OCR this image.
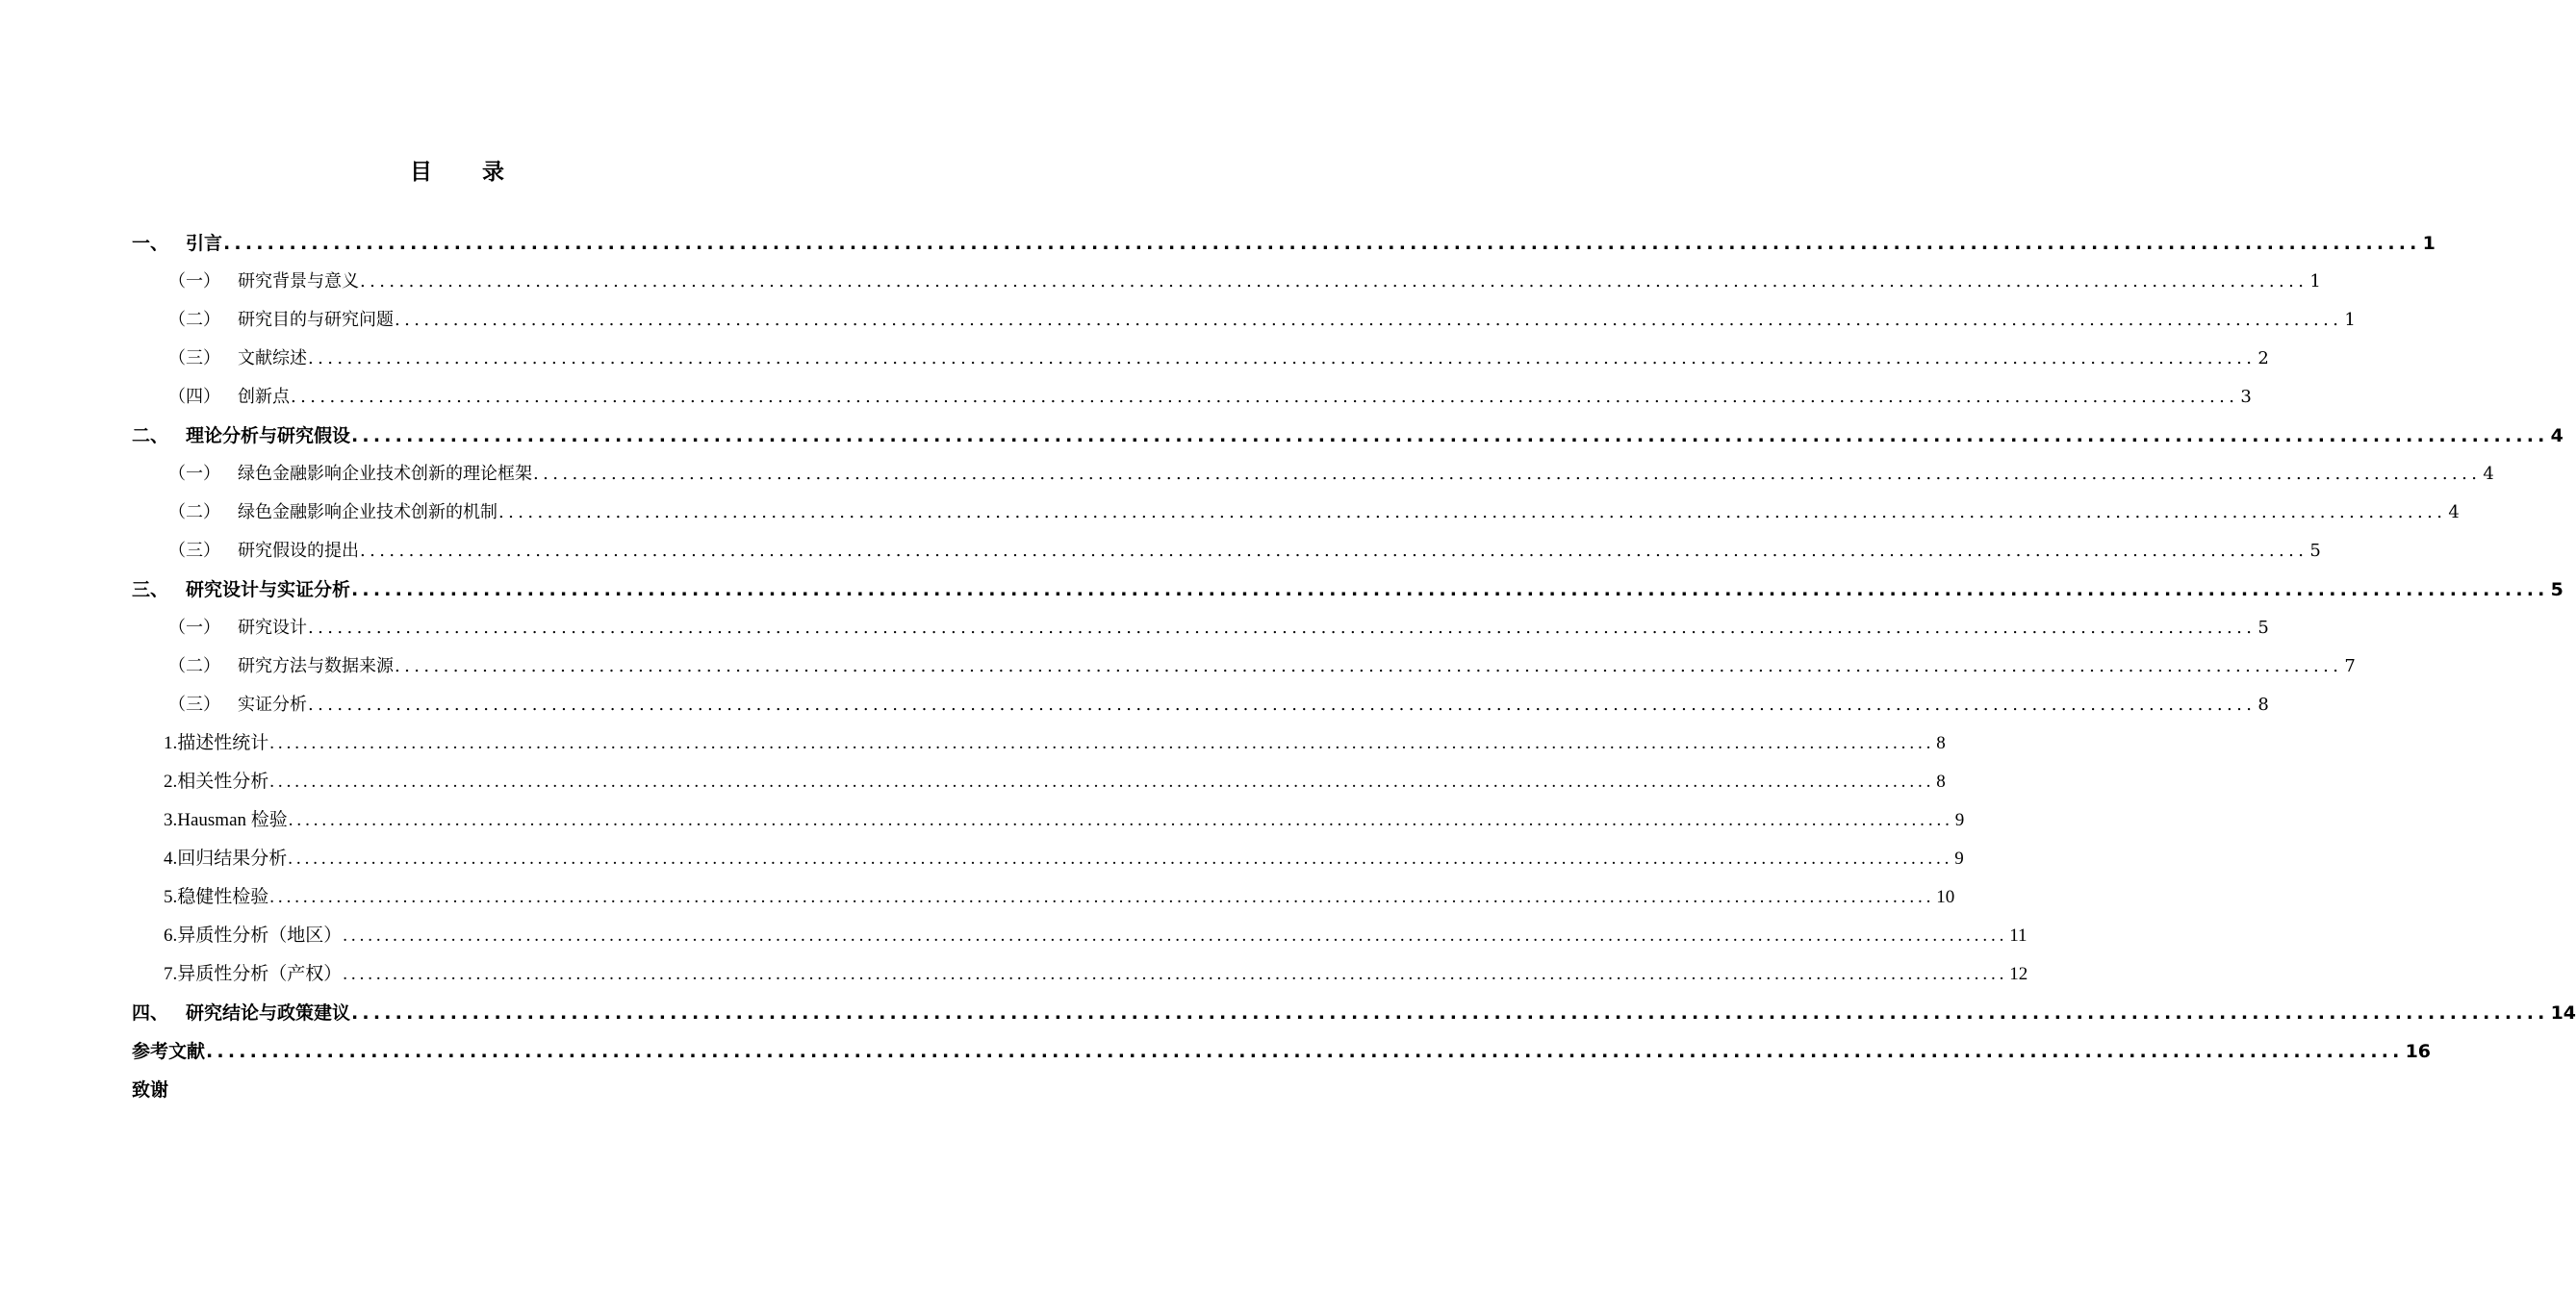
目 录
一、 引言 ........................................................................................................................................................................................................ 1
（一）	研究背景与意义 ........................................................................................................................................................................................................ 1
（二）	研究目的与研究问题 ........................................................................................................................................................................................................ 1
（三）	文献综述 ........................................................................................................................................................................................................ 2
（四）	创新点 ........................................................................................................................................................................................................ 3
二、 理论分析与研究假设 ........................................................................................................................................................................................................ 4
（一）	绿色金融影响企业技术创新的理论框架 ........................................................................................................................................................................................................ 4
（二）	绿色金融影响企业技术创新的机制 ........................................................................................................................................................................................................ 4
（三）	研究假设的提出 ........................................................................................................................................................................................................ 5
三、 研究设计与实证分析 ........................................................................................................................................................................................................ 5
（一）	研究设计 ........................................................................................................................................................................................................ 5
（二）	研究方法与数据来源 ........................................................................................................................................................................................................ 7
（三）	实证分析 ........................................................................................................................................................................................................ 8
1. 描述性统计 ........................................................................................................................................................................................................ 8
2. 相关性分析 ........................................................................................................................................................................................................ 8
3. Hausman 检验 ........................................................................................................................................................................................................ 9
4. 回归结果分析 ........................................................................................................................................................................................................ 9
5. 稳健性检验 ........................................................................................................................................................................................................ 10
6. 异质性分析（地区） ........................................................................................................................................................................................................ 11
7. 异质性分析（产权） ........................................................................................................................................................................................................ 12
四、 研究结论与政策建议 ........................................................................................................................................................................................................ 14
参考文献 ........................................................................................................................................................................................................ 16
致谢
